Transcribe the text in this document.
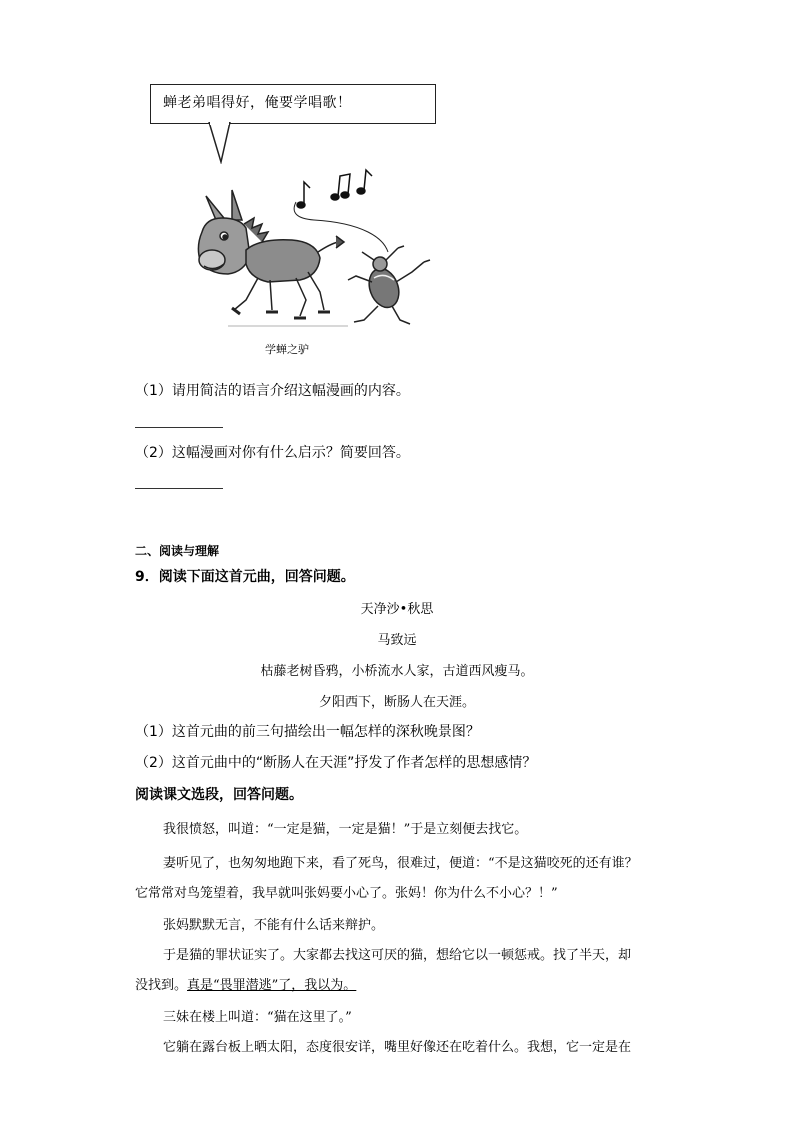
蝉老弟唱得好，俺要学唱歌！
学蝉之驴
（1）请用简洁的语言介绍这幅漫画的内容。
（2）这幅漫画对你有什么启示？简要回答。
二、阅读与理解
9．阅读下面这首元曲，回答问题。
天净沙•秋思
马致远
枯藤老树昏鸦，小桥流水人家，古道西风瘦马。
夕阳西下，断肠人在天涯。
（1）这首元曲的前三句描绘出一幅怎样的深秋晚景图？
（2）这首元曲中的“断肠人在天涯”抒发了作者怎样的思想感情？
阅读课文选段，回答问题。
我很愤怒，叫道：“一定是猫，一定是猫！”于是立刻便去找它。
妻听见了，也匆匆地跑下来，看了死鸟，很难过，便道：“不是这猫咬死的还有谁？
它常常对鸟笼望着，我早就叫张妈要小心了。张妈！你为什么不小心？！”
张妈默默无言，不能有什么话来辩护。
于是猫的罪状证实了。大家都去找这可厌的猫，想给它以一顿惩戒。找了半天，却
没找到。真是“畏罪潜逃”了，我以为。
三妹在楼上叫道：“猫在这里了。”
它躺在露台板上晒太阳，态度很安详，嘴里好像还在吃着什么。我想，它一定是在
